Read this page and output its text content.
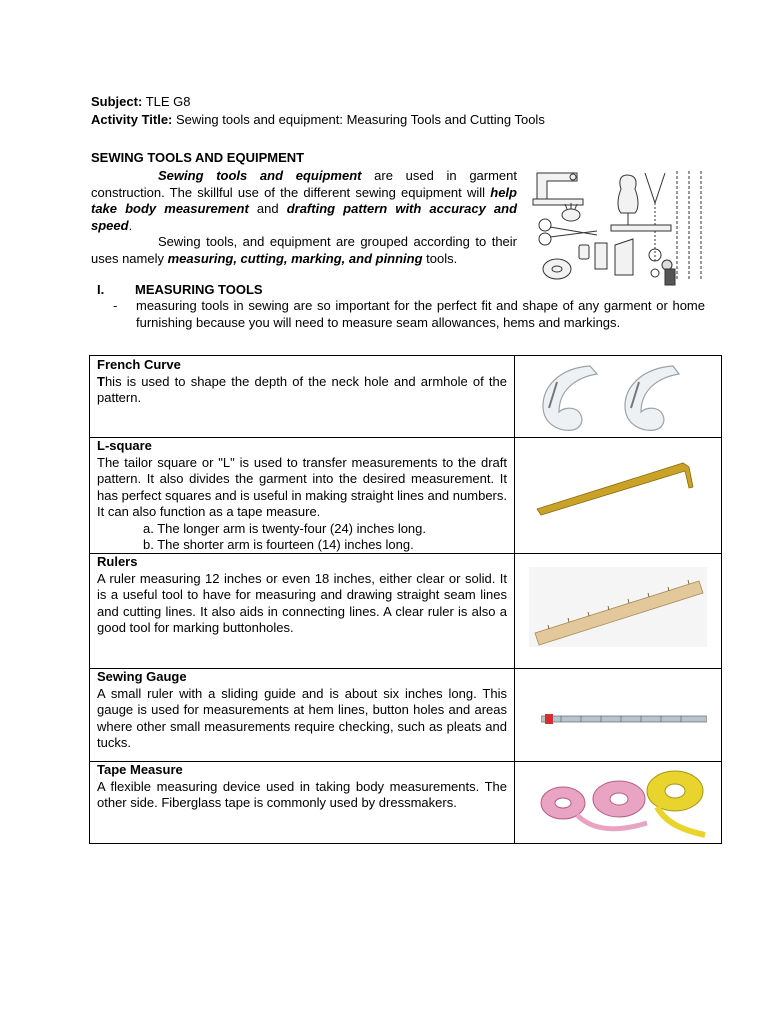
Subject: TLE G8
Activity Title: Sewing tools and equipment: Measuring Tools and Cutting Tools
SEWING TOOLS AND EQUIPMENT

Sewing tools and equipment are used in garment construction. The skillful use of the different sewing equipment will help take body measurement and drafting pattern with accuracy and speed.

Sewing tools, and equipment are grouped according to their uses namely measuring, cutting, marking, and pinning tools.

I. MEASURING TOOLS
- measuring tools in sewing are so important for the perfect fit and shape of any garment or home furnishing because you will need to measure seam allowances, hems and markings.
French Curve
This is used to shape the depth of the neck hole and armhole of the pattern.
L-square
The tailor square or "L" is used to transfer measurements to the draft pattern. It also divides the garment into the desired measurement. It has perfect squares and is useful in making straight lines and numbers. It can also function as a tape measure.
a. The longer arm is twenty-four (24) inches long.
b. The shorter arm is fourteen (14) inches long.
Rulers
A ruler measuring 12 inches or even 18 inches, either clear or solid. It is a useful tool to have for measuring and drawing straight seam lines and cutting lines. It also aids in connecting lines. A clear ruler is also a good tool for marking buttonholes.
Sewing Gauge
A small ruler with a sliding guide and is about six inches long. This gauge is used for measurements at hem lines, button holes and areas where other small measurements require checking, such as pleats and tucks.
Tape Measure
A flexible measuring device used in taking body measurements. The other side. Fiberglass tape is commonly used by dressmakers.
